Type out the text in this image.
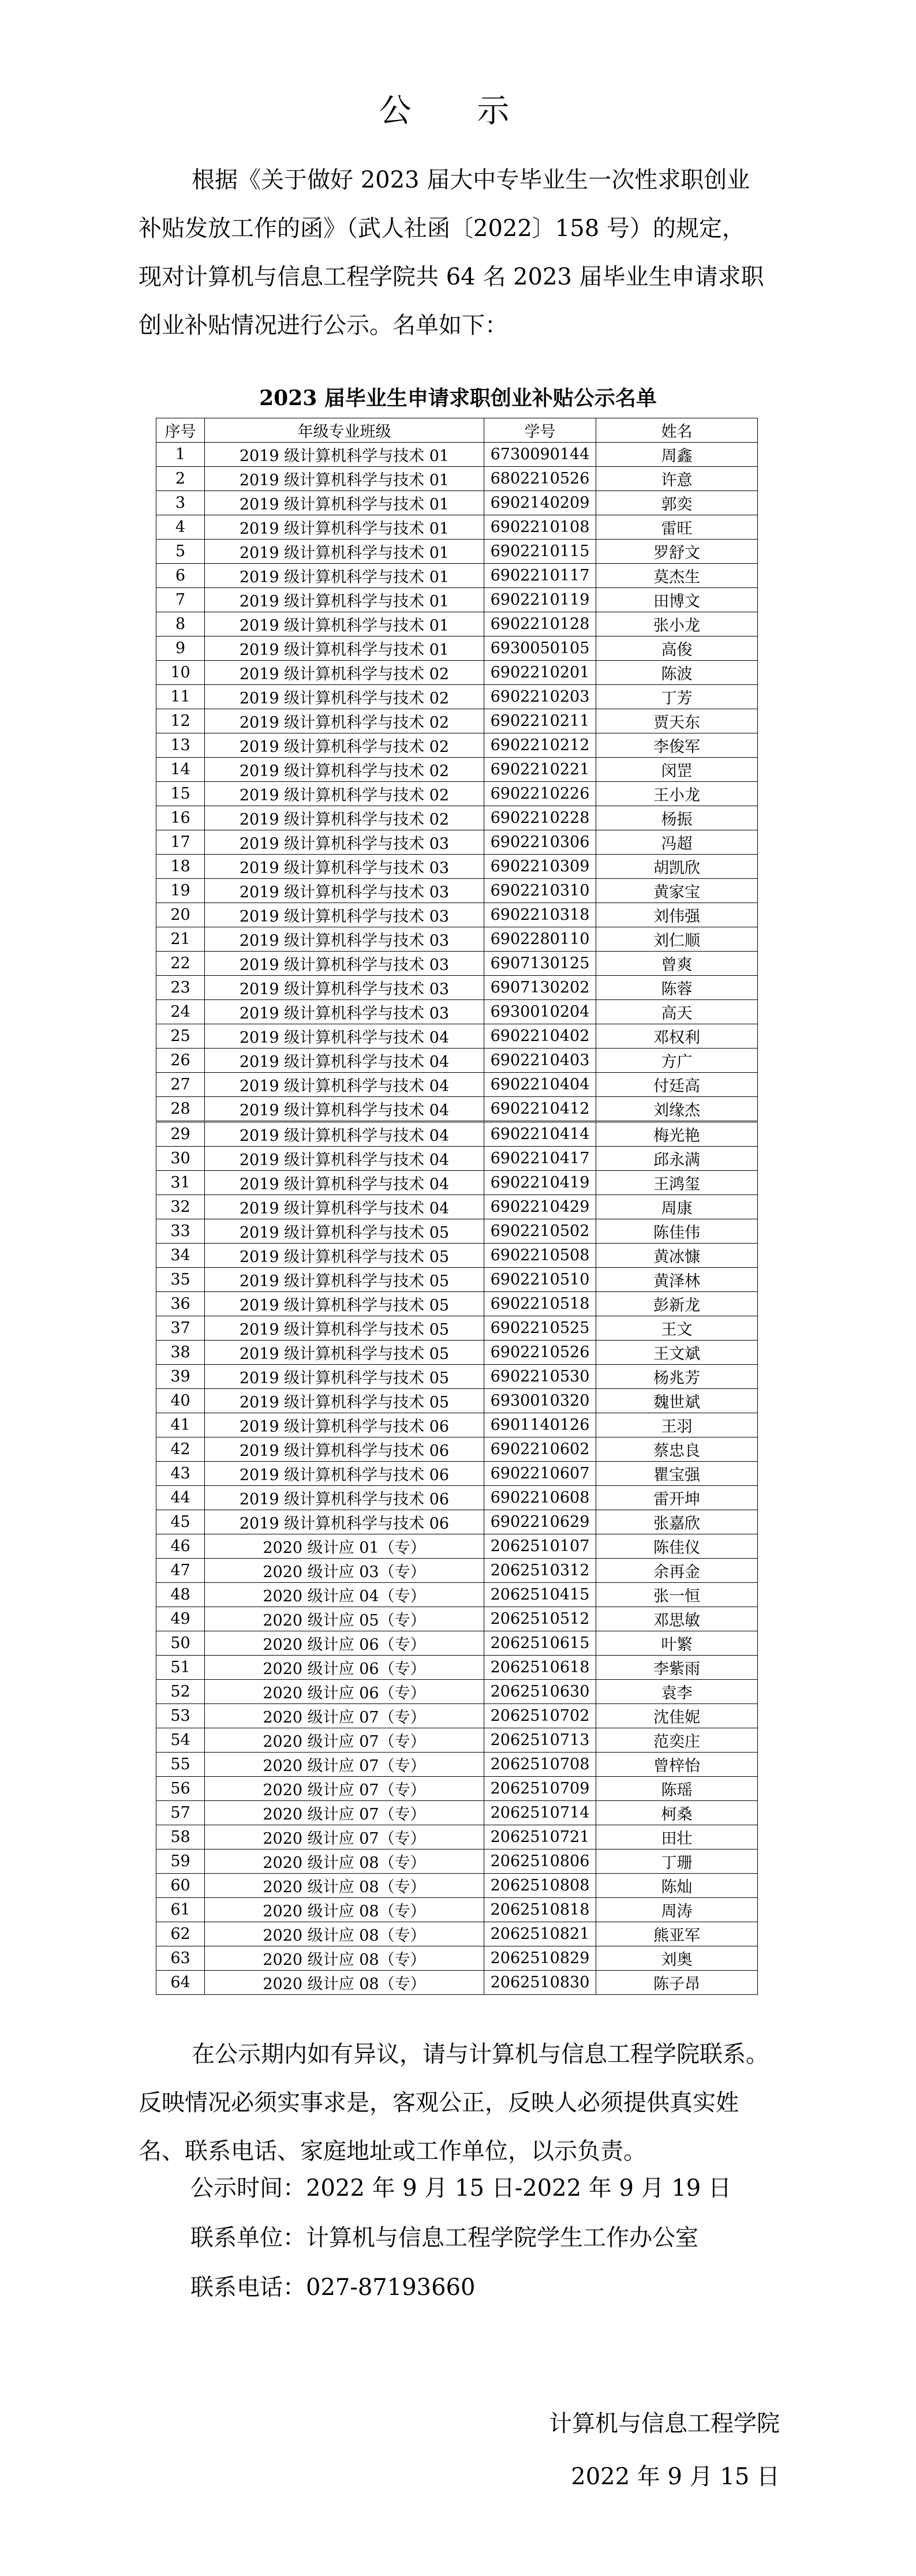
公 示
根据《关于做好 2023 届大中专毕业生一次性求职创业
补贴发放工作的函》（武人社函〔2022〕158 号）的规定，
现对计算机与信息工程学院共 64 名 2023 届毕业生申请求职
创业补贴情况进行公示。名单如下：
2023 届毕业生申请求职创业补贴公示名单
序号	年级专业班级	学号	姓名
1	2019 级计算机科学与技术 01	6730090144	周鑫
2	2019 级计算机科学与技术 01	6802210526	许意
3	2019 级计算机科学与技术 01	6902140209	郭奕
4	2019 级计算机科学与技术 01	6902210108	雷旺
5	2019 级计算机科学与技术 01	6902210115	罗舒文
6	2019 级计算机科学与技术 01	6902210117	莫杰生
7	2019 级计算机科学与技术 01	6902210119	田博文
8	2019 级计算机科学与技术 01	6902210128	张小龙
9	2019 级计算机科学与技术 01	6930050105	高俊
10	2019 级计算机科学与技术 02	6902210201	陈波
11	2019 级计算机科学与技术 02	6902210203	丁芳
12	2019 级计算机科学与技术 02	6902210211	贾天东
13	2019 级计算机科学与技术 02	6902210212	李俊军
14	2019 级计算机科学与技术 02	6902210221	闵罡
15	2019 级计算机科学与技术 02	6902210226	王小龙
16	2019 级计算机科学与技术 02	6902210228	杨振
17	2019 级计算机科学与技术 03	6902210306	冯超
18	2019 级计算机科学与技术 03	6902210309	胡凯欣
19	2019 级计算机科学与技术 03	6902210310	黄家宝
20	2019 级计算机科学与技术 03	6902210318	刘伟强
21	2019 级计算机科学与技术 03	6902280110	刘仁顺
22	2019 级计算机科学与技术 03	6907130125	曾爽
23	2019 级计算机科学与技术 03	6907130202	陈蓉
24	2019 级计算机科学与技术 03	6930010204	高天
25	2019 级计算机科学与技术 04	6902210402	邓权利
26	2019 级计算机科学与技术 04	6902210403	方广
27	2019 级计算机科学与技术 04	6902210404	付廷高
28	2019 级计算机科学与技术 04	6902210412	刘缘杰
29	2019 级计算机科学与技术 04	6902210414	梅光艳
30	2019 级计算机科学与技术 04	6902210417	邱永满
31	2019 级计算机科学与技术 04	6902210419	王鸿玺
32	2019 级计算机科学与技术 04	6902210429	周康
33	2019 级计算机科学与技术 05	6902210502	陈佳伟
34	2019 级计算机科学与技术 05	6902210508	黄冰慷
35	2019 级计算机科学与技术 05	6902210510	黄泽林
36	2019 级计算机科学与技术 05	6902210518	彭新龙
37	2019 级计算机科学与技术 05	6902210525	王文
38	2019 级计算机科学与技术 05	6902210526	王文斌
39	2019 级计算机科学与技术 05	6902210530	杨兆芳
40	2019 级计算机科学与技术 05	6930010320	魏世斌
41	2019 级计算机科学与技术 06	6901140126	王羽
42	2019 级计算机科学与技术 06	6902210602	蔡忠良
43	2019 级计算机科学与技术 06	6902210607	瞿宝强
44	2019 级计算机科学与技术 06	6902210608	雷开坤
45	2019 级计算机科学与技术 06	6902210629	张嘉欣
46	2020 级计应 01（专）	2062510107	陈佳仪
47	2020 级计应 03（专）	2062510312	余再金
48	2020 级计应 04（专）	2062510415	张一恒
49	2020 级计应 05（专）	2062510512	邓思敏
50	2020 级计应 06（专）	2062510615	叶繁
51	2020 级计应 06（专）	2062510618	李紫雨
52	2020 级计应 06（专）	2062510630	袁李
53	2020 级计应 07（专）	2062510702	沈佳妮
54	2020 级计应 07（专）	2062510713	范奕庄
55	2020 级计应 07（专）	2062510708	曾梓怡
56	2020 级计应 07（专）	2062510709	陈瑶
57	2020 级计应 07（专）	2062510714	柯桑
58	2020 级计应 07（专）	2062510721	田壮
59	2020 级计应 08（专）	2062510806	丁珊
60	2020 级计应 08（专）	2062510808	陈灿
61	2020 级计应 08（专）	2062510818	周涛
62	2020 级计应 08（专）	2062510821	熊亚军
63	2020 级计应 08（专）	2062510829	刘奥
64	2020 级计应 08（专）	2062510830	陈子昂
在公示期内如有异议，请与计算机与信息工程学院联系。
反映情况必须实事求是，客观公正，反映人必须提供真实姓
名、联系电话、家庭地址或工作单位，以示负责。
公示时间：2022 年 9 月 15 日-2022 年 9 月 19 日
联系单位：计算机与信息工程学院学生工作办公室
联系电话：027-87193660
计算机与信息工程学院
2022 年 9 月 15 日
